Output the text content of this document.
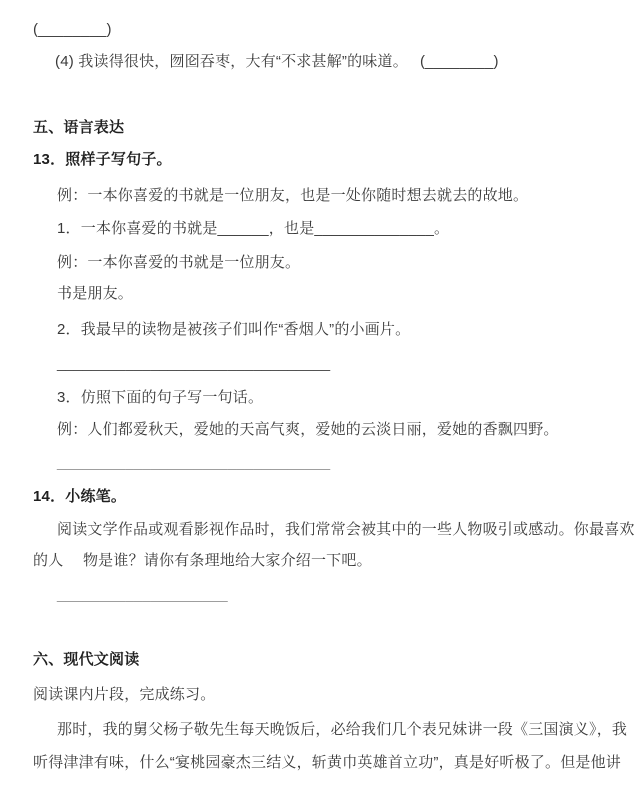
(________)
(4) 我读得很快，囫囵吞枣，大有“不求甚解”的味道。　 (________)
五、语言表达
13．照样子写句子。
例：一本你喜爱的书就是一位朋友，也是一处你随时想去就去的故地。
1．一本你喜爱的书就是______，也是______________。
例：一本你喜爱的书就是一位朋友。
书是朋友。
2．我最早的读物是被孩子们叫作“香烟人”的小画片。
________________________________
3．仿照下面的句子写一句话。
例：人们都爱秋天，爱她的天高气爽，爱她的云淡日丽，爱她的香飘四野。
________________________________
14．小练笔。
阅读文学作品或观看影视作品时，我们常常会被其中的一些人物吸引或感动。你最喜欢
的人　 物是谁？请你有条理地给大家介绍一下吧。
____________________
六、现代文阅读
阅读课内片段，完成练习。
那时，我的舅父杨子敬先生每天晚饭后，必给我们几个表兄妹讲一段《三国演义》，我
听得津津有味，什么“宴桃园豪杰三结义，斩黄巾英雄首立功”，真是好听极了。但是他讲
